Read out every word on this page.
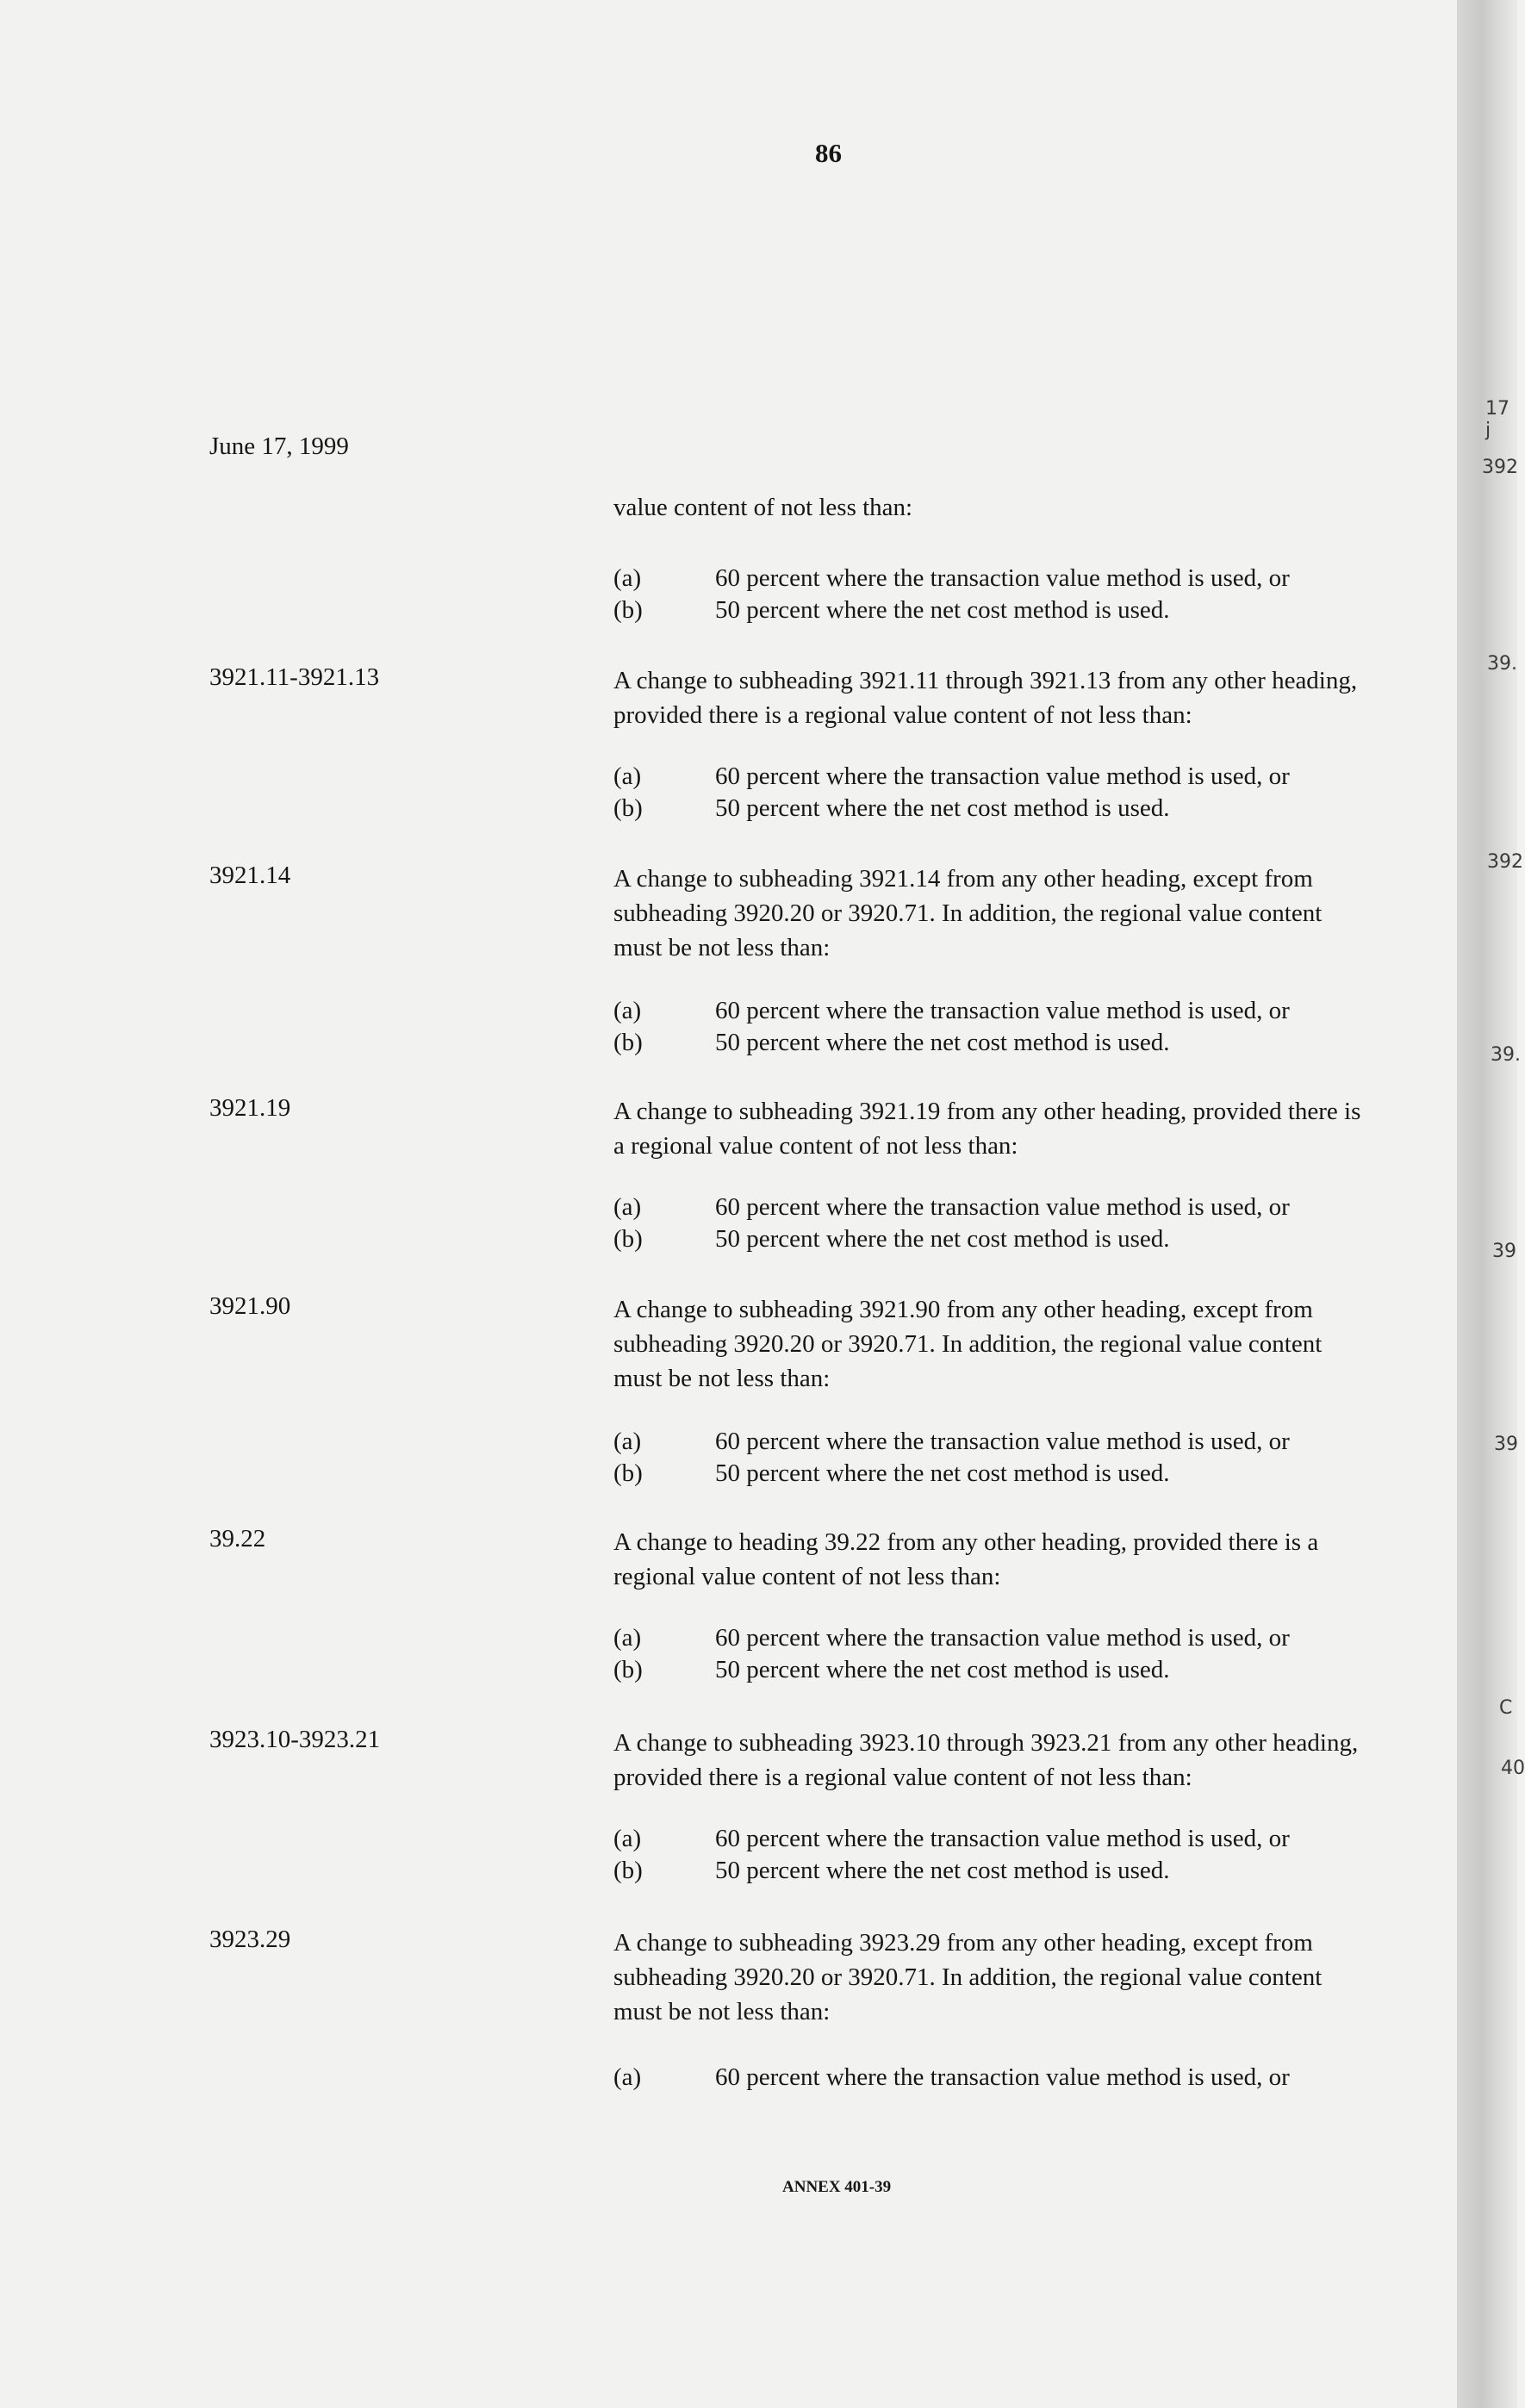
17 j
392
39.
392
39.
39
39
C
40
86
June 17, 1999
value content of not less than:
(a)	60 percent where the transaction value method is used, or
(b)	50 percent where the net cost method is used.
3921.11-3921.13	A change to subheading 3921.11 through 3921.13 from any other heading,
provided there is a regional value content of not less than:
(a)	60 percent where the transaction value method is used, or
(b)	50 percent where the net cost method is used.
3921.14	A change to subheading 3921.14 from any other heading, except from
subheading 3920.20 or 3920.71. In addition, the regional value content
must be not less than:
(a)	60 percent where the transaction value method is used, or
(b)	50 percent where the net cost method is used.
3921.19	A change to subheading 3921.19 from any other heading, provided there is
a regional value content of not less than:
(a)	60 percent where the transaction value method is used, or
(b)	50 percent where the net cost method is used.
3921.90	A change to subheading 3921.90 from any other heading, except from
subheading 3920.20 or 3920.71. In addition, the regional value content
must be not less than:
(a)	60 percent where the transaction value method is used, or
(b)	50 percent where the net cost method is used.
39.22	A change to heading 39.22 from any other heading, provided there is a
regional value content of not less than:
(a)	60 percent where the transaction value method is used, or
(b)	50 percent where the net cost method is used.
3923.10-3923.21	A change to subheading 3923.10 through 3923.21 from any other heading,
provided there is a regional value content of not less than:
(a)	60 percent where the transaction value method is used, or
(b)	50 percent where the net cost method is used.
3923.29	A change to subheading 3923.29 from any other heading, except from
subheading 3920.20 or 3920.71. In addition, the regional value content
must be not less than:
(a)	60 percent where the transaction value method is used, or
ANNEX 401-39
